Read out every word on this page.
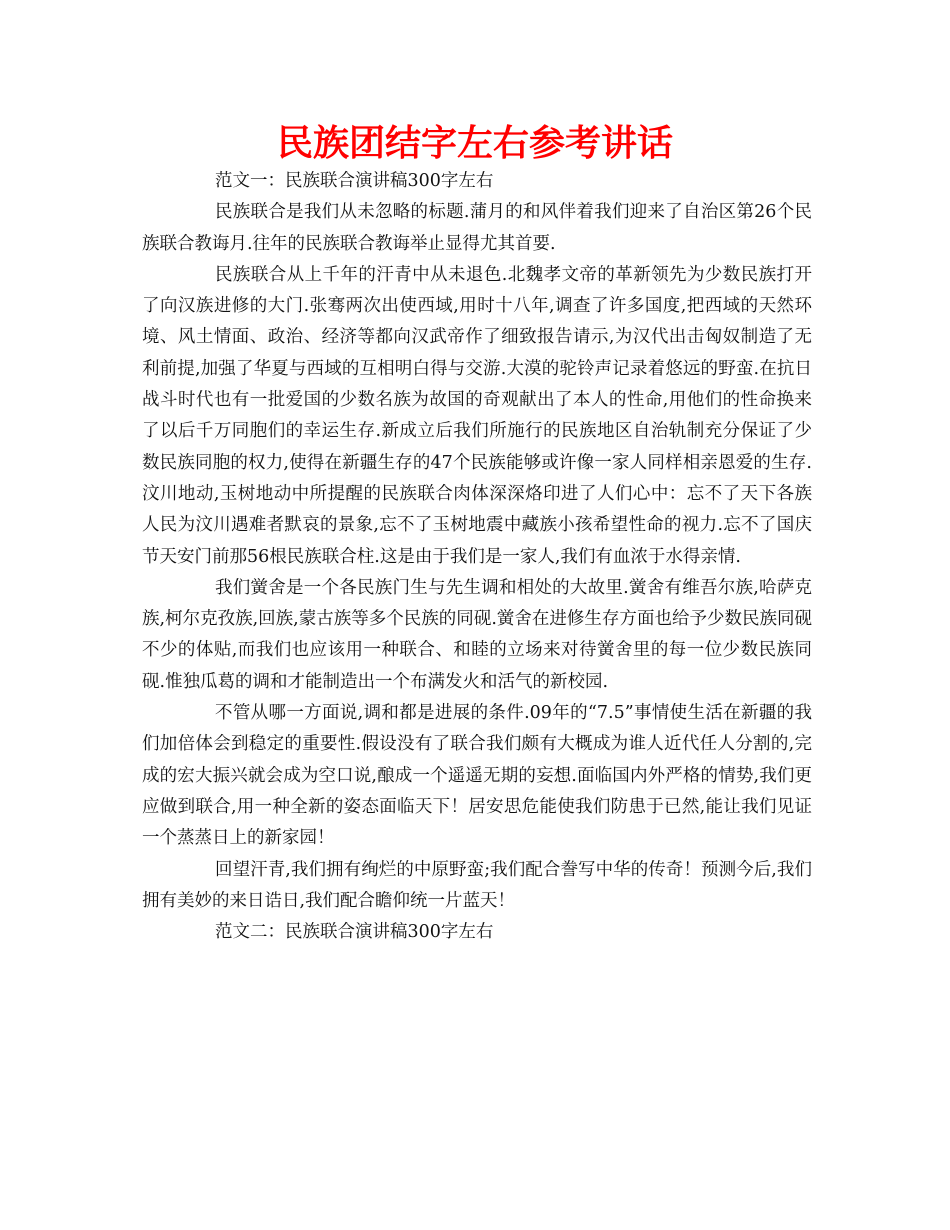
民族团结字左右参考讲话

范文一：民族联合演讲稿300字左右

民族联合是我们从未忽略的标题.蒲月的和风伴着我们迎来了自治区第26个民族联合教诲月.往年的民族联合教诲举止显得尤其首要.

民族联合从上千年的汗青中从未退色.北魏孝文帝的革新领先为少数民族打开了向汉族进修的大门.张骞两次出使西域,用时十八年,调查了许多国度,把西域的天然环境、风土情面、政治、经济等都向汉武帝作了细致报告请示,为汉代出击匈奴制造了无利前提,加强了华夏与西域的互相明白得与交游.大漠的驼铃声记录着悠远的野蛮.在抗日战斗时代也有一批爱国的少数名族为故国的奇观献出了本人的性命,用他们的性命换来了以后千万同胞们的幸运生存.新成立后我们所施行的民族地区自治轨制充分保证了少数民族同胞的权力,使得在新疆生存的47个民族能够或许像一家人同样相亲恩爱的生存.汶川地动,玉树地动中所提醒的民族联合肉体深深烙印进了人们心中：忘不了天下各族人民为汶川遇难者默哀的景象,忘不了玉树地震中藏族小孩希望性命的视力.忘不了国庆节天安门前那56根民族联合柱.这是由于我们是一家人,我们有血浓于水得亲情.

我们黉舍是一个各民族门生与先生调和相处的大故里.黉舍有维吾尔族,哈萨克族,柯尔克孜族,回族,蒙古族等多个民族的同砚.黉舍在进修生存方面也给予少数民族同砚不少的体贴,而我们也应该用一种联合、和睦的立场来对待黉舍里的每一位少数民族同砚.惟独瓜葛的调和才能制造出一个布满发火和活气的新校园.

不管从哪一方面说,调和都是进展的条件.09年的“7.5”事情使生活在新疆的我们加倍体会到稳定的重要性.假设没有了联合我们颇有大概成为谁人近代任人分割的,完成的宏大振兴就会成为空口说,酿成一个遥遥无期的妄想.面临国内外严格的情势,我们更应做到联合,用一种全新的姿态面临天下！居安思危能使我们防患于已然,能让我们见证一个蒸蒸日上的新家园！

回望汗青,我们拥有绚烂的中原野蛮;我们配合誊写中华的传奇！预测今后,我们拥有美妙的来日诰日,我们配合瞻仰统一片蓝天！

范文二：民族联合演讲稿300字左右
